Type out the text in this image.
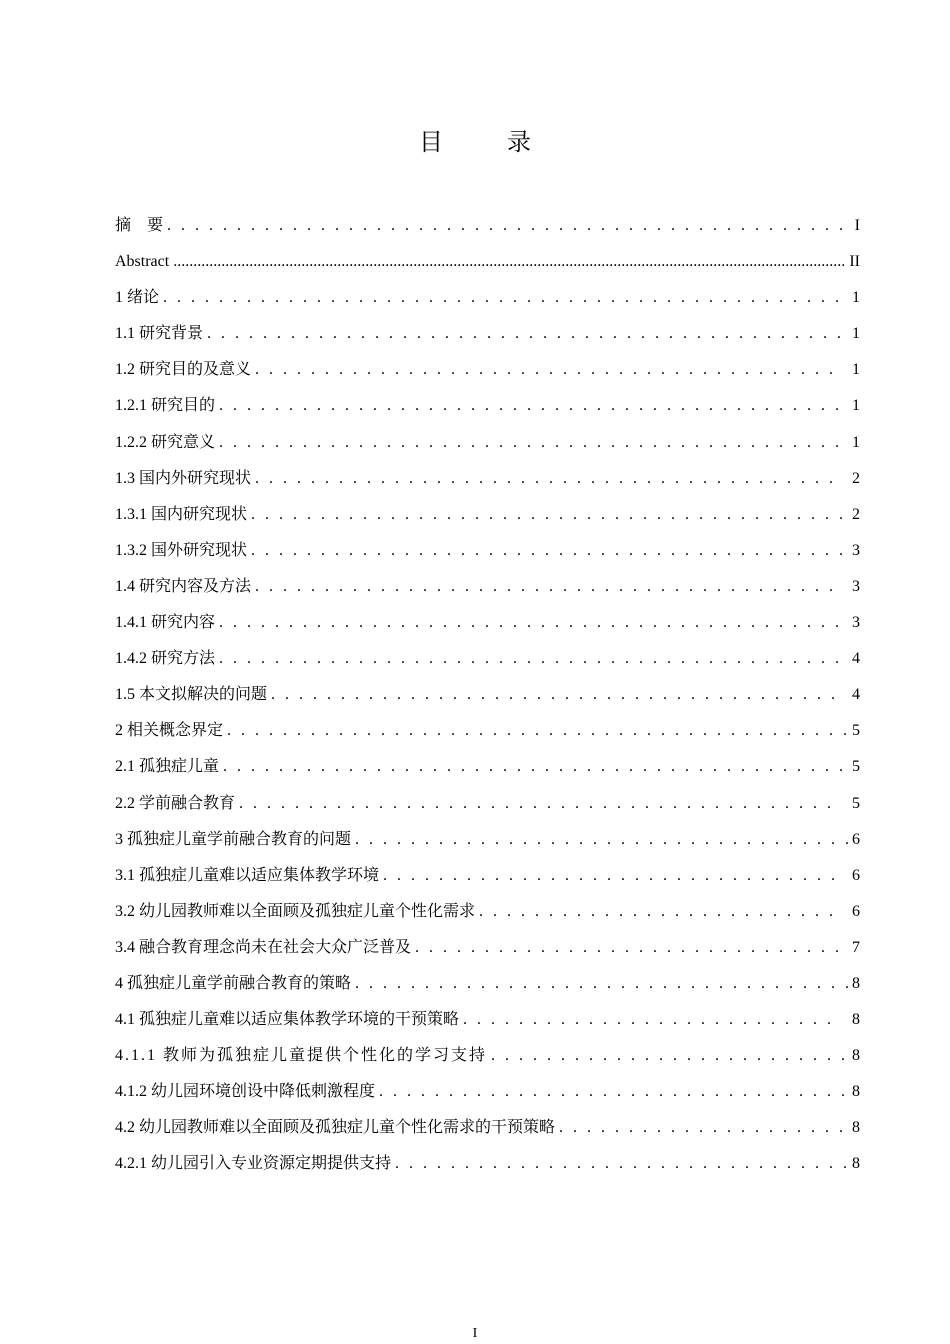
目　录
摘　要 . . .	I
Abstract .....	II
1 绪论 . . .	1
1.1 研究背景 . . .	1
1.2 研究目的及意义 . . .	1
1.2.1 研究目的 . . .	1
1.2.2 研究意义 . . .	1
1.3 国内外研究现状 . . .	2
1.3.1 国内研究现状 . . .	2
1.3.2 国外研究现状 . . .	3
1.4 研究内容及方法 . . .	3
1.4.1 研究内容 . . .	3
1.4.2 研究方法 . . .	4
1.5 本文拟解决的问题 . . .	4
2 相关概念界定 . . .	5
2.1 孤独症儿童 . . .	5
2.2 学前融合教育 . . .	5
3 孤独症儿童学前融合教育的问题 . . .	6
3.1 孤独症儿童难以适应集体教学环境 . . .	6
3.2 幼儿园教师难以全面顾及孤独症儿童个性化需求 . . .	6
3.4 融合教育理念尚未在社会大众广泛普及 . . .	7
4 孤独症儿童学前融合教育的策略 . . .	8
4.1 孤独症儿童难以适应集体教学环境的干预策略 . . .	8
4.1.1 教师为孤独症儿童提供个性化的学习支持 . . .	8
4.1.2 幼儿园环境创设中降低刺激程度 . . .	8
4.2 幼儿园教师难以全面顾及孤独症儿童个性化需求的干预策略 . . .	8
4.2.1 幼儿园引入专业资源定期提供支持 . . .	8
I
